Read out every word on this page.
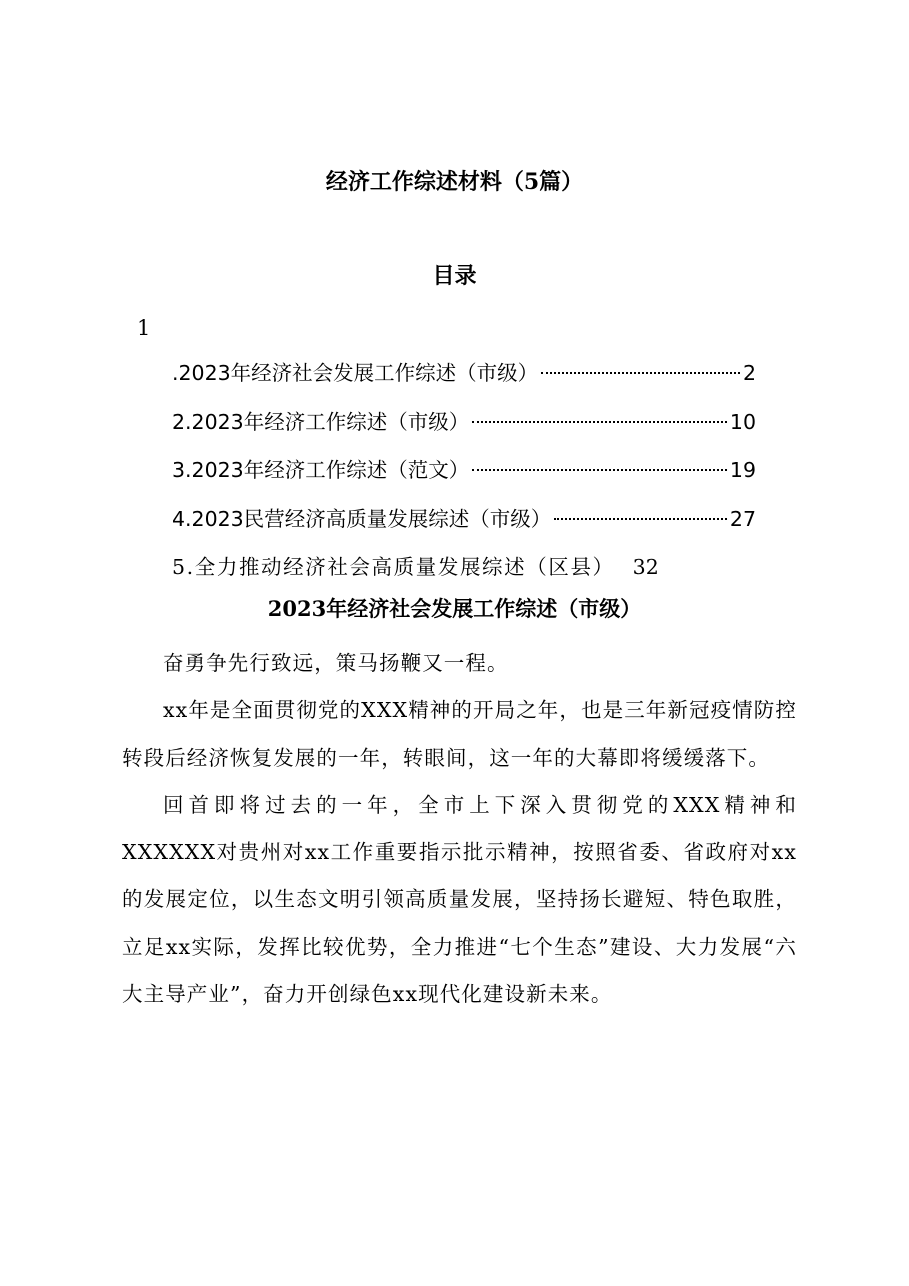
经济工作综述材料（5篇）
目录
1
.2023年经济社会发展工作综述（市级）	2
2.2023年经济工作综述（市级）	10
3.2023年经济工作综述（范文）	19
4.2023民营经济高质量发展综述（市级）	27
5.全力推动经济社会高质量发展综述（区县） 32
2023年经济社会发展工作综述（市级）

奋勇争先行致远，策马扬鞭又一程。

xx年是全面贯彻党的XXX精神的开局之年，也是三年新冠疫情防控转段后经济恢复发展的一年，转眼间，这一年的大幕即将缓缓落下。

回首即将过去的一年，全市上下深入贯彻党的XXX精神和XXXXXX对贵州对xx工作重要指示批示精神，按照省委、省政府对xx的发展定位，以生态文明引领高质量发展，坚持扬长避短、特色取胜，立足xx实际，发挥比较优势，全力推进“七个生态”建设、大力发展“六大主导产业”，奋力开创绿色xx现代化建设新未来。
